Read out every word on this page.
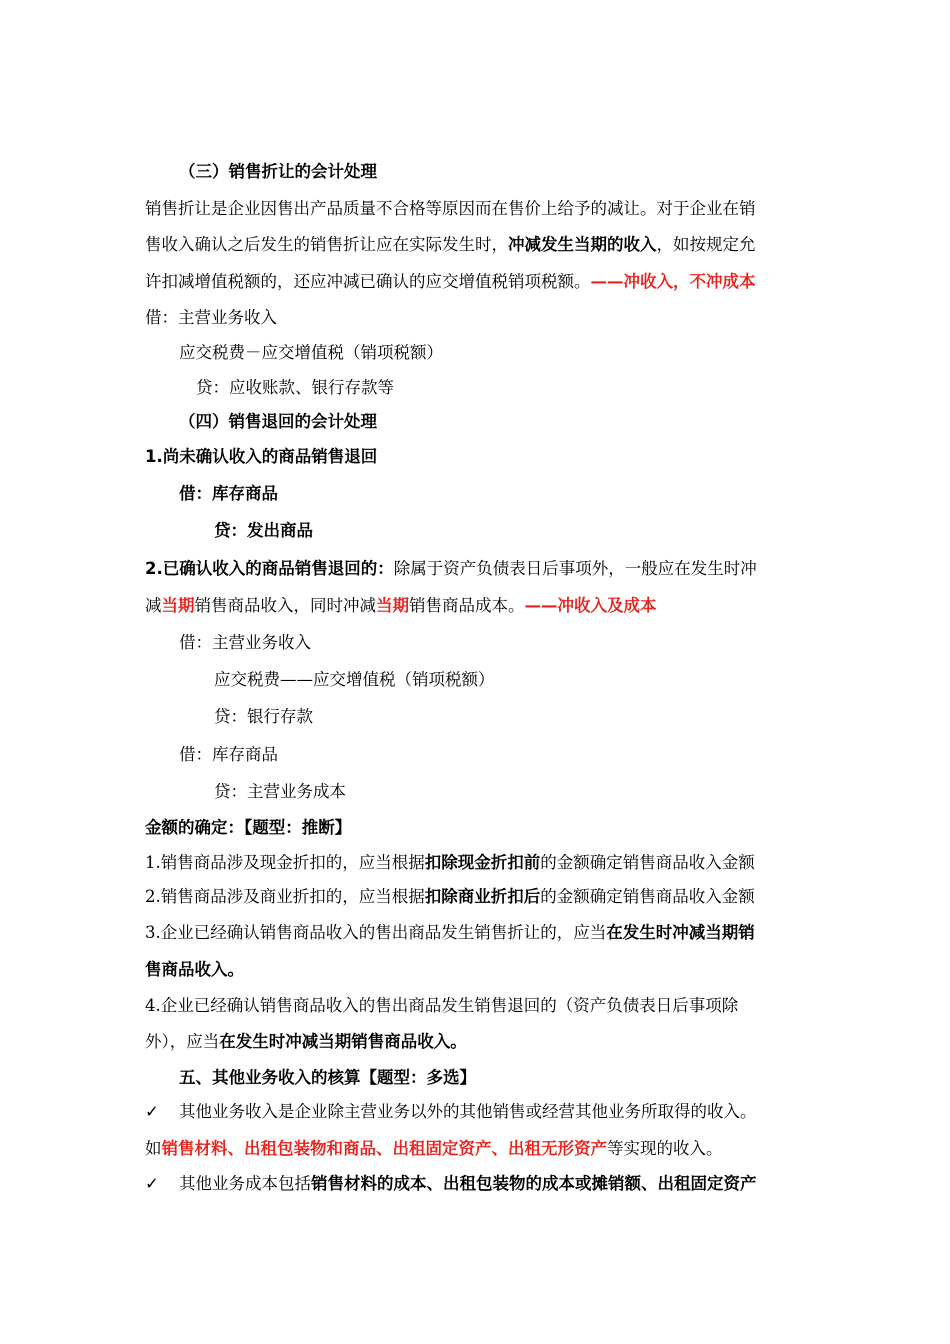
（三）销售折让的会计处理
销售折让是企业因售出产品质量不合格等原因而在售价上给予的减让。对于企业在销
售收入确认之后发生的销售折让应在实际发生时，冲减发生当期的收入，如按规定允
许扣减增值税额的，还应冲减已确认的应交增值税销项税额。——冲收入，不冲成本
借：主营业务收入
应交税费－应交增值税（销项税额）
贷：应收账款、银行存款等
（四）销售退回的会计处理
1.尚未确认收入的商品销售退回
借：库存商品
贷：发出商品
2.已确认收入的商品销售退回的：除属于资产负债表日后事项外，一般应在发生时冲
减当期销售商品收入，同时冲减当期销售商品成本。——冲收入及成本
借：主营业务收入
应交税费——应交增值税（销项税额）
贷：银行存款
借：库存商品
贷：主营业务成本
金额的确定：【题型：推断】
1.销售商品涉及现金折扣的，应当根据扣除现金折扣前的金额确定销售商品收入金额
2.销售商品涉及商业折扣的，应当根据扣除商业折扣后的金额确定销售商品收入金额
3.企业已经确认销售商品收入的售出商品发生销售折让的，应当在发生时冲减当期销
售商品收入。
4.企业已经确认销售商品收入的售出商品发生销售退回的（资产负债表日后事项除
外），应当在发生时冲减当期销售商品收入。
五、其他业务收入的核算【题型：多选】
✓ 其他业务收入是企业除主营业务以外的其他销售或经营其他业务所取得的收入。
如销售材料、出租包装物和商品、出租固定资产、出租无形资产等实现的收入。
✓ 其他业务成本包括销售材料的成本、出租包装物的成本或摊销额、出租固定资产
